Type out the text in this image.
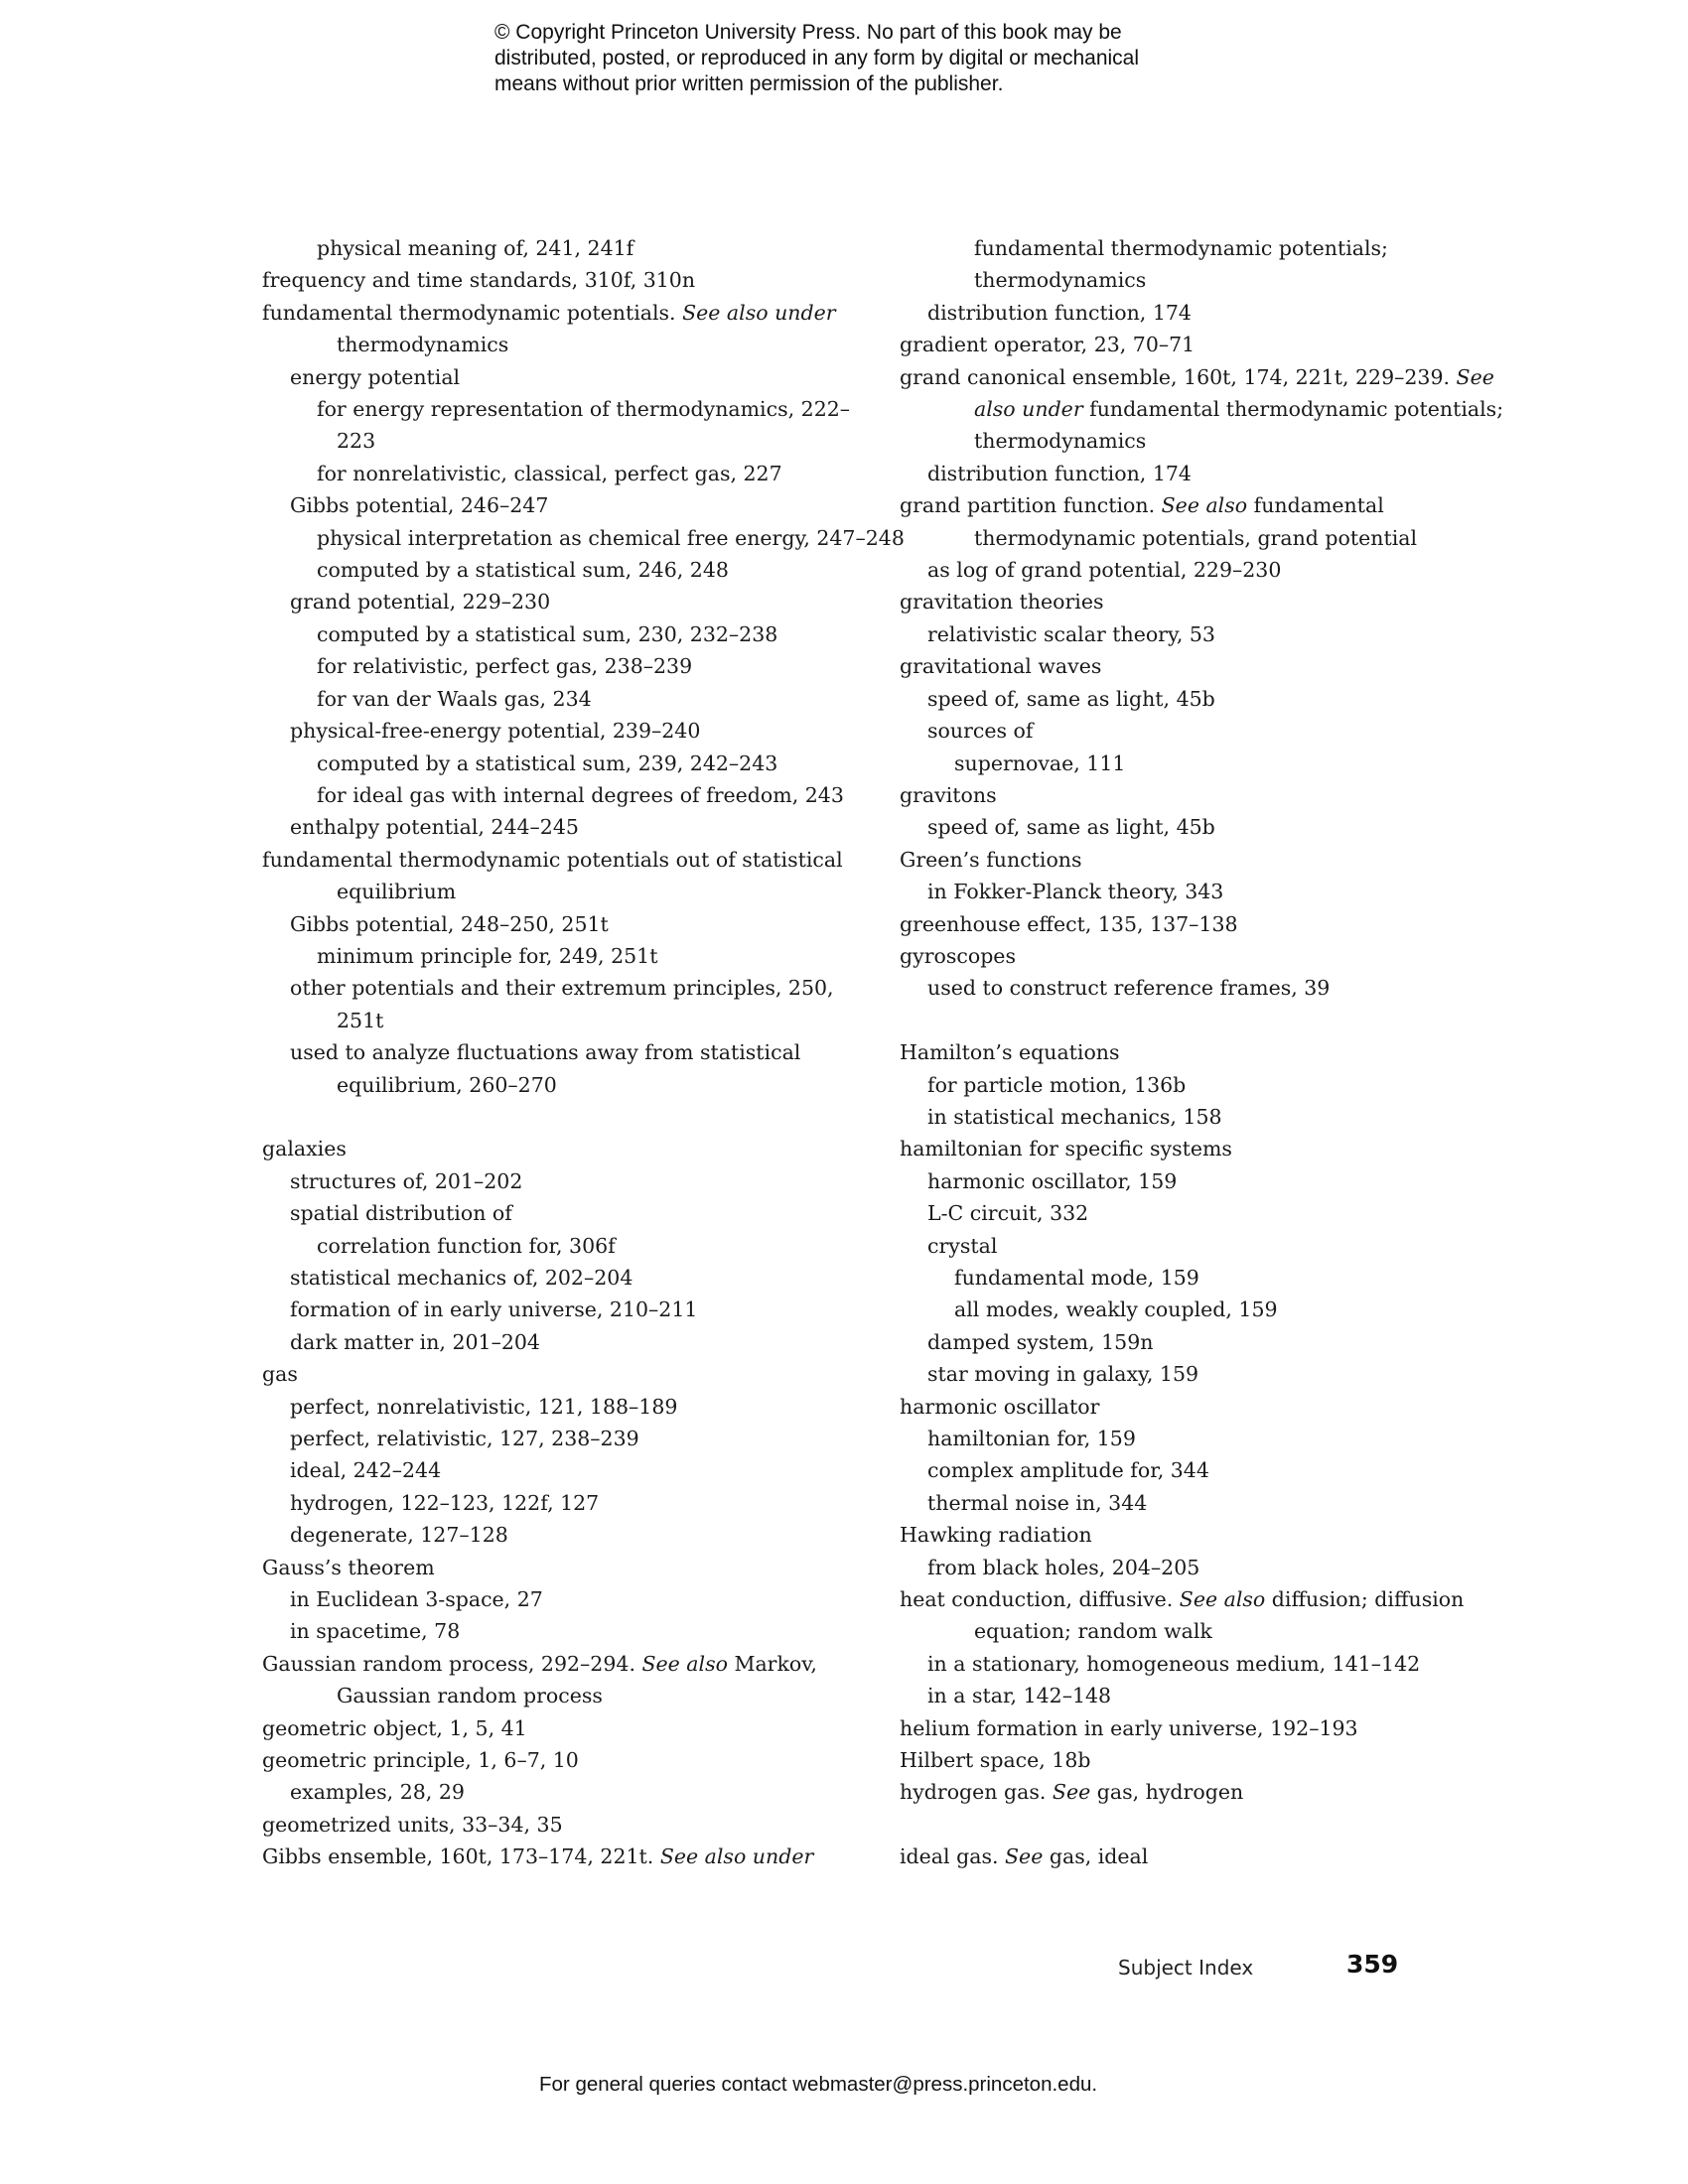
© Copyright Princeton University Press. No part of this book may be
distributed, posted, or reproduced in any form by digital or mechanical
means without prior written permission of the publisher.
physical meaning of, 241, 241f
frequency and time standards, 310f, 310n
fundamental thermodynamic potentials. See also under
thermodynamics
energy potential
for energy representation of thermodynamics, 222–
223
for nonrelativistic, classical, perfect gas, 227
Gibbs potential, 246–247
physical interpretation as chemical free energy, 247–248
computed by a statistical sum, 246, 248
grand potential, 229–230
computed by a statistical sum, 230, 232–238
for relativistic, perfect gas, 238–239
for van der Waals gas, 234
physical-free-energy potential, 239–240
computed by a statistical sum, 239, 242–243
for ideal gas with internal degrees of freedom, 243
enthalpy potential, 244–245
fundamental thermodynamic potentials out of statistical
equilibrium
Gibbs potential, 248–250, 251t
minimum principle for, 249, 251t
other potentials and their extremum principles, 250,
251t
used to analyze fluctuations away from statistical
equilibrium, 260–270
galaxies
structures of, 201–202
spatial distribution of
correlation function for, 306f
statistical mechanics of, 202–204
formation of in early universe, 210–211
dark matter in, 201–204
gas
perfect, nonrelativistic, 121, 188–189
perfect, relativistic, 127, 238–239
ideal, 242–244
hydrogen, 122–123, 122f, 127
degenerate, 127–128
Gauss’s theorem
in Euclidean 3-space, 27
in spacetime, 78
Gaussian random process, 292–294. See also Markov,
Gaussian random process
geometric object, 1, 5, 41
geometric principle, 1, 6–7, 10
examples, 28, 29
geometrized units, 33–34, 35
Gibbs ensemble, 160t, 173–174, 221t. See also under
fundamental thermodynamic potentials;
thermodynamics
distribution function, 174
gradient operator, 23, 70–71
grand canonical ensemble, 160t, 174, 221t, 229–239. See
also under fundamental thermodynamic potentials;
thermodynamics
distribution function, 174
grand partition function. See also fundamental
thermodynamic potentials, grand potential
as log of grand potential, 229–230
gravitation theories
relativistic scalar theory, 53
gravitational waves
speed of, same as light, 45b
sources of
supernovae, 111
gravitons
speed of, same as light, 45b
Green’s functions
in Fokker-Planck theory, 343
greenhouse effect, 135, 137–138
gyroscopes
used to construct reference frames, 39
Hamilton’s equations
for particle motion, 136b
in statistical mechanics, 158
hamiltonian for specific systems
harmonic oscillator, 159
L-C circuit, 332
crystal
fundamental mode, 159
all modes, weakly coupled, 159
damped system, 159n
star moving in galaxy, 159
harmonic oscillator
hamiltonian for, 159
complex amplitude for, 344
thermal noise in, 344
Hawking radiation
from black holes, 204–205
heat conduction, diffusive. See also diffusion; diffusion
equation; random walk
in a stationary, homogeneous medium, 141–142
in a star, 142–148
helium formation in early universe, 192–193
Hilbert space, 18b
hydrogen gas. See gas, hydrogen
ideal gas. See gas, ideal
Subject Index	359
For general queries contact webmaster@press.princeton.edu.
